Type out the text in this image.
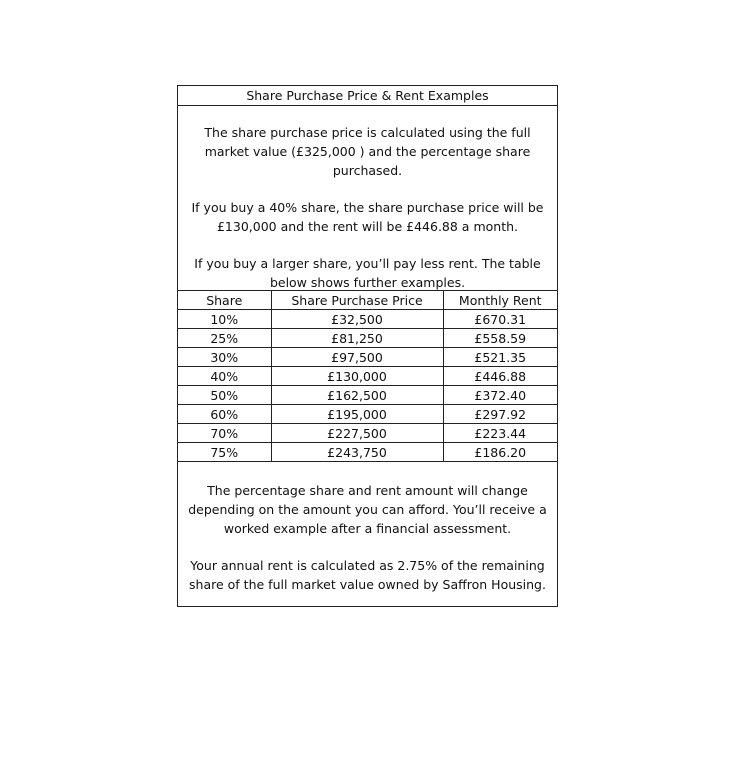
Share Purchase Price & Rent Examples

The share purchase price is calculated using the full market value (£325,000 ) and the percentage share purchased.

If you buy a 40% share, the share purchase price will be £130,000 and the rent will be £446.88 a month.

If you buy a larger share, you’ll pay less rent. The table below shows further examples.

Share	Share Purchase Price	Monthly Rent
10%	£32,500	£670.31
25%	£81,250	£558.59
30%	£97,500	£521.35
40%	£130,000	£446.88
50%	£162,500	£372.40
60%	£195,000	£297.92
70%	£227,500	£223.44
75%	£243,750	£186.20

The percentage share and rent amount will change depending on the amount you can afford. You’ll receive a worked example after a financial assessment.

Your annual rent is calculated as 2.75% of the remaining share of the full market value owned by Saffron Housing.
